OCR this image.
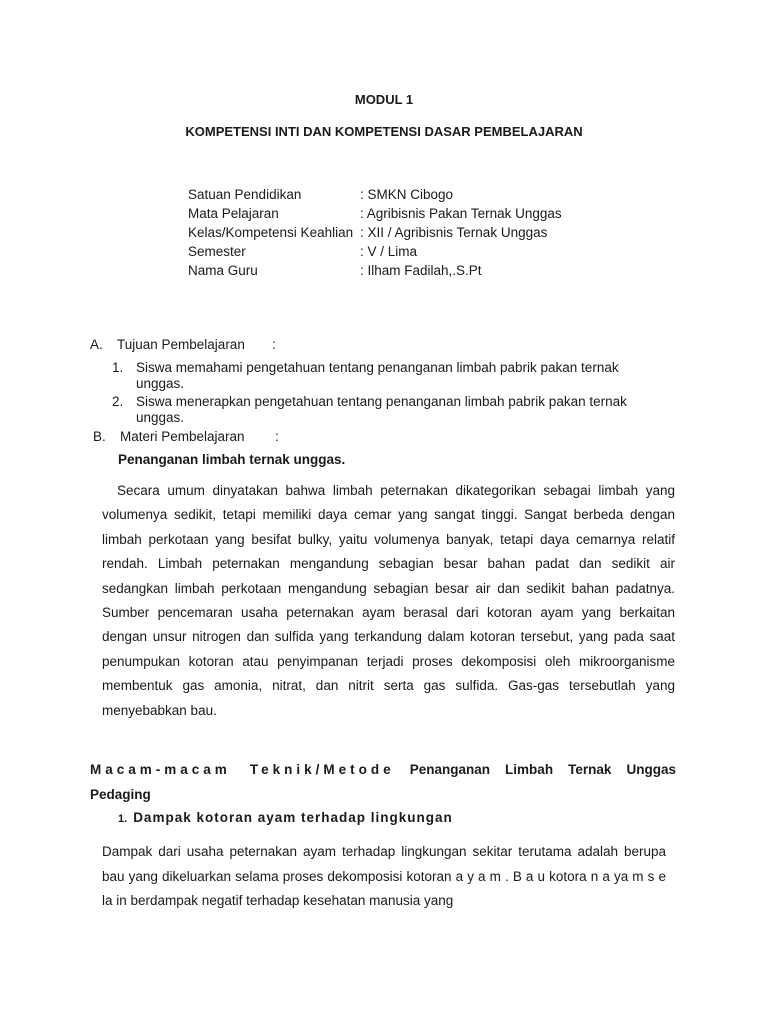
MODUL 1
KOMPETENSI INTI DAN KOMPETENSI DASAR PEMBELAJARAN
Satuan Pendidikan	: SMKN Cibogo
Mata Pelajaran	: Agribisnis Pakan Ternak Unggas
Kelas/Kompetensi Keahlian : XII / Agribisnis Ternak Unggas
Semester	: V / Lima
Nama Guru	: Ilham Fadilah,.S.Pt
A. Tujuan Pembelajaran :
1. Siswa memahami pengetahuan tentang penanganan limbah pabrik pakan ternak unggas.
2. Siswa menerapkan pengetahuan tentang penanganan limbah pabrik pakan ternak unggas.
B. Materi Pembelajaran :
Penanganan limbah ternak unggas.
Secara umum dinyatakan bahwa limbah peternakan dikategorikan sebagai limbah yang volumenya sedikit, tetapi memiliki daya cemar yang sangat tinggi. Sangat berbeda dengan limbah perkotaan yang besifat bulky, yaitu volumenya banyak, tetapi daya cemarnya relatif rendah. Limbah peternakan mengandung sebagian besar bahan padat dan sedikit air sedangkan limbah perkotaan mengandung sebagian besar air dan sedikit bahan padatnya. Sumber pencemaran usaha peternakan ayam berasal dari kotoran ayam yang berkaitan dengan unsur nitrogen dan sulfida yang terkandung dalam kotoran tersebut, yang pada saat penumpukan kotoran atau penyimpanan terjadi proses dekomposisi oleh mikroorganisme membentuk gas amonia, nitrat, dan nitrit serta gas sulfida. Gas-gas tersebutlah yang menyebabkan bau.
Macam-macam Teknik/Metode Penanganan Limbah Ternak Unggas Pedaging
1. Dampak kotoran ayam terhadap lingkungan
Dampak dari usaha peternakan ayam terhadap lingkungan sekitar terutama adalah berupa bau yang dikeluarkan selama proses dekomposisi kotoran a y a m . B a u kotora n a ya m s e la in berdampak negatif terhadap kesehatan manusia yang
